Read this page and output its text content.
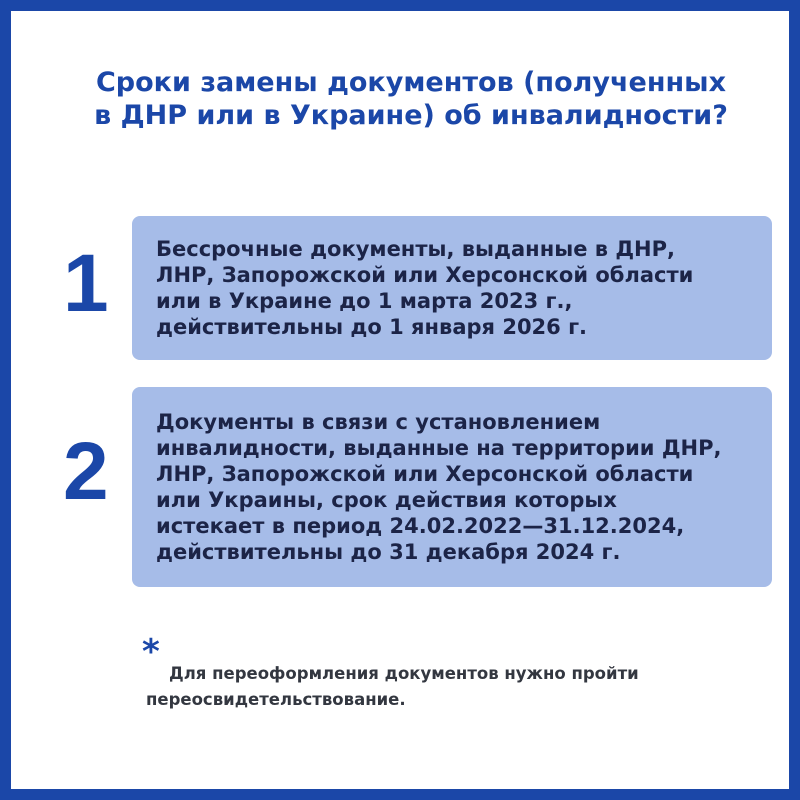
Сроки замены документов (полученных
в ДНР или в Украине) об инвалидности?
1 Бессрочные документы, выданные в ДНР,
ЛНР, Запорожской или Херсонской области
или в Украине до 1 марта 2023 г.,
действительны до 1 января 2026 г.

2

Документы в связи с установлением
инвалидности, выданные на территории ДНР,
ЛНР, Запорожской или Херсонской области
или Украины, срок действия которых
истекает в период 24.02.2022—31.12.2024,
действительны до 31 декабря 2024 г.

*

Для переоформления документов нужно пройти переосвидетельствование.
